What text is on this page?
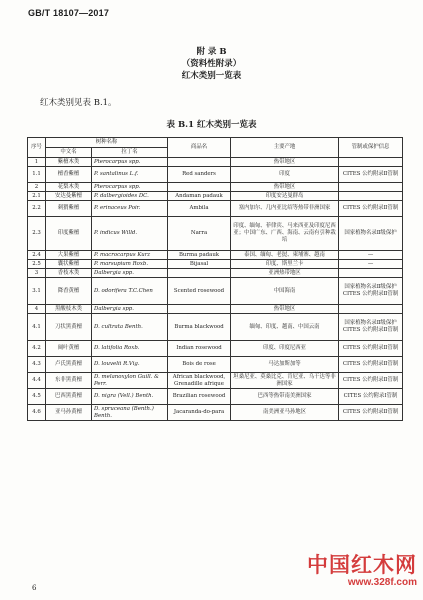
GB/T 18107—2017
附 录 B
（资料性附录）
红木类别一览表
红木类别见表 B.1。
表 B.1 红木类别一览表
序号	树种名称		商品名	主要产地	管制或保护信息
	中文名	拉丁名			
1	紫檀木类	Pterocarpus spp.		热带地区	
1.1	檀香紫檀	P. santalinus L.f.	Red sanders	印度	CITES 公约附录Ⅱ管制
2	花梨木类	Pterocarpus spp.		热带地区	
2.1	安达曼紫檀	P. dalbergioides DC.	Andaman padauk	印度安达曼群岛	
2.2	刺猬紫檀	P. erinaceus Poir.	Ambila	塞内加尔、几内亚比绍等热带非洲国家	CITES 公约附录Ⅱ管制
2.3	印度紫檀	P. indicus Willd.	Narra	印度、缅甸、菲律宾、马来西亚及印度尼西亚；中国广东、广西、海南、云南有引种栽培	国家植物名录Ⅱ级保护
2.4	大果紫檀	P. macrocarpus Kurz	Burma padauk	泰国、缅甸、老挝、柬埔寨、越南	—
2.5	囊状紫檀	P. marsupium Roxb.	Bijasal	印度、斯里兰卡	—
3	香枝木类	Dalbergia spp.		亚洲热带地区	
3.1	降香黄檀	D. odorifera T.C.Chen	Scented rosewood	中国海南	国家植物名录Ⅱ级保护 CITES 公约附录Ⅱ管制
4	黑酸枝木类	Dalbergia spp.		热带地区	
4.1	刀状黑黄檀	D. cultrata Benth.	Burma blackwood	缅甸、印度、越南、中国云南	国家植物名录Ⅱ级保护 CITES 公约附录Ⅱ管制
4.2	阔叶黄檀	D. latifolia Roxb.	Indian rosewood	印度、印度尼西亚	CITES 公约附录Ⅱ管制
4.3	卢氏黑黄檀	D. louvelii R.Vig.	Bois de rose	马达加斯加等	CITES 公约附录Ⅱ管制
4.4	东非黑黄檀	D. melanoxylon Guill. & Perr.	African blackwood, Grenadille afrique	坦桑尼亚、莫桑比克、肯尼亚、乌干达等非洲国家	CITES 公约附录Ⅱ管制
4.5	巴西黑黄檀	D. nigra (Vell.) Benth.	Brazilian rosewood	巴西等热带南美洲国家	CITES 公约附录Ⅰ管制
4.6	亚马孙黄檀	D. spruceana (Benth.) Benth.	Jacaranda-do-para	南美洲亚马孙地区	CITES 公约附录Ⅱ管制
6
中国红木网
www.328f.com
